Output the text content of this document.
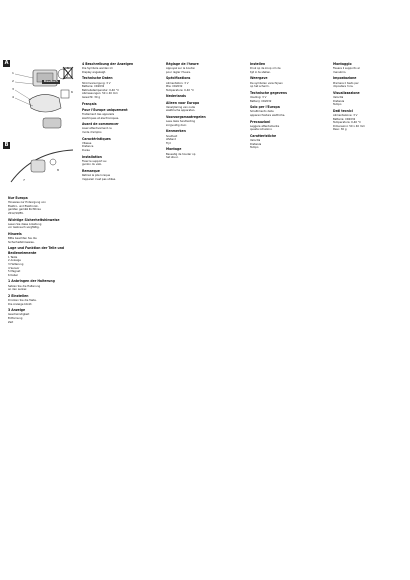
A
1
2
3
4
5
6
B
7
8
Deutsch
Nur Europa
Hinweise zur Entsorgung von
Elektro- und Elektronik-
geräten gemäß Richtlinie
2012/19/EU.
Wichtige Sicherheitshinweise
Lesen Sie diese Anleitung
vor Gebrauch sorgfältig.
Hinweis
Bitte beachten Sie die
Sicherheitshinweise.
Lage und Funktion der Teile und Bedienelemente
1 Taste
2 Anzeige
3 Halterung
4 Sensor
5 Magnet
6 Kabel
1 Anbringen der Halterung
Setzen Sie die Halterung
an den Lenker.
2 Einstellen
Drücken Sie die Taste.
Die Anzeige blinkt.
3 Anzeige
Geschwindigkeit
Entfernung
Zeit
4 Beschreibung der Anzeigen
Die Symbole werden im
Display angezeigt.
Technische Daten
Stromversorgung: 3 V
Batterie: CR2032
Betriebstemperatur: 0-40 °C
Abmessungen: 50 x 40 mm
Gewicht: 30 g
Français
Pour l'Europe uniquement
Traitement des appareils
électriques et électroniques.
Avant de commencer
Lisez attentivement ce
mode d'emploi.
Caractéristiques
Vitesse
Distance
Durée
Installation
Fixez le support au
guidon du vélo.
Remarque
Retirez la pile lorsque
l'appareil n'est pas utilisé.
Réglage de l'heure
Appuyez sur le bouton
pour régler l'heure.
Spécifications
Alimentation: 3 V
Pile: CR2032
Température: 0-40 °C
Nederlands
Alleen voor Europa
Verwijdering van oude
elektrische apparaten.
Voorzorgsmaatregelen
Lees deze handleiding
zorgvuldig door.
Kenmerken
Snelheid
Afstand
Tijd
Montage
Bevestig de houder op
het stuur.
Instellen
Druk op de knop om de
tijd in te stellen.
Weergave
De symbolen verschijnen
op het scherm.
Technische gegevens
Voeding: 3 V
Batterij: CR2032
Solo per l'Europa
Smaltimento delle
apparecchiature elettriche.
Precauzioni
Leggere attentamente
queste istruzioni.
Caratteristiche
Velocità
Distanza
Tempo
Montaggio
Fissare il supporto al
manubrio.
Impostazione
Premere il tasto per
impostare l'ora.
Visualizzazione
Velocità
Distanza
Tempo
Dati tecnici
Alimentazione: 3 V
Batteria: CR2032
Temperatura: 0-40 °C
Dimensioni: 50 x 40 mm
Peso: 30 g
